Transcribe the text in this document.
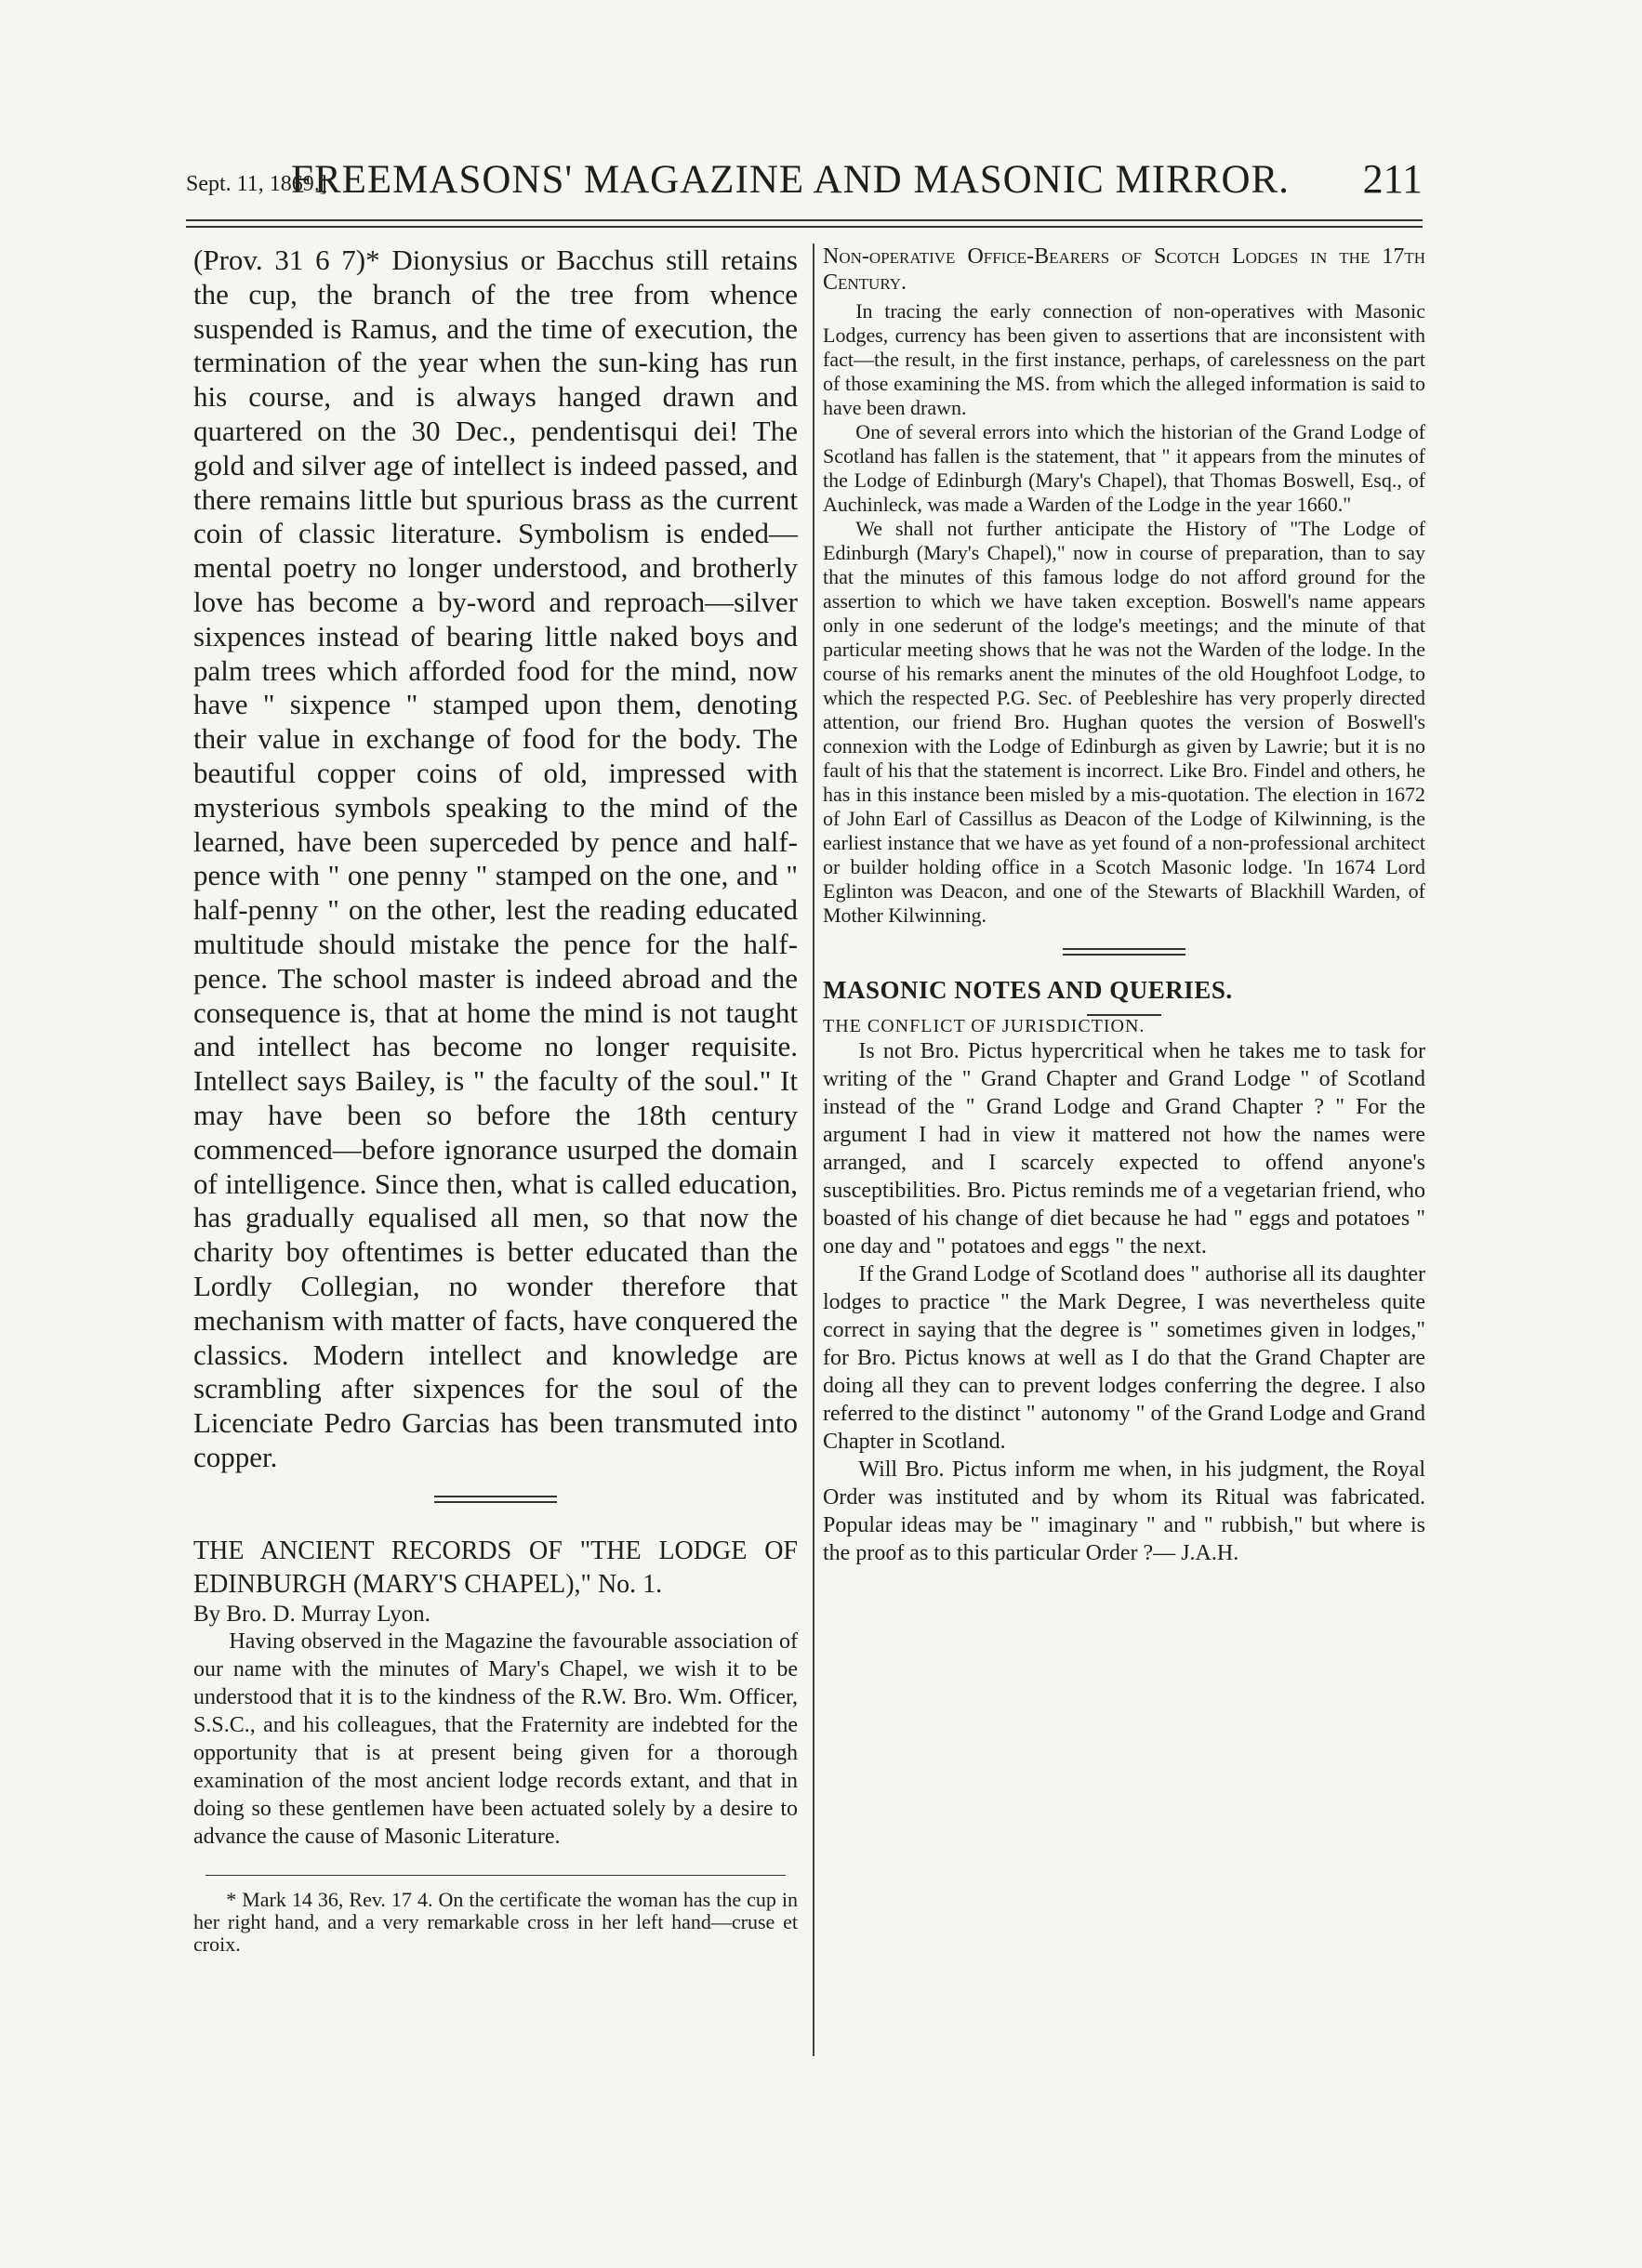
Sept. 11, 1869.]
FREEMASONS' MAGAZINE AND MASONIC MIRROR. 211

(Prov. 31 6 7)* Dionysius or Bacchus still retains the cup, the branch of the tree from whence suspended is Ramus, and the time of execution, the termination of the year when the sun-king has run his course, and is always hanged drawn and quartered on the 30 Dec., pendentisqui dei! The gold and silver age of intellect is indeed passed, and there remains little but spurious brass as the current coin of classic literature. Symbolism is ended—mental poetry no longer understood, and brotherly love has become a by-word and reproach—silver sixpences instead of bearing little naked boys and palm trees which afforded food for the mind, now have " sixpence " stamped upon them, denoting their value in exchange of food for the body. The beautiful copper coins of old, impressed with mysterious symbols speaking to the mind of the learned, have been superceded by pence and half-pence with " one penny " stamped on the one, and " half-penny " on the other, lest the reading educated multitude should mistake the pence for the half-pence. The school master is indeed abroad and the consequence is, that at home the mind is not taught and intellect has become no longer requisite. Intellect says Bailey, is " the faculty of the soul." It may have been so before the 18th century commenced—before ignorance usurped the domain of intelligence. Since then, what is called education, has gradually equalised all men, so that now the charity boy oftentimes is better educated than the Lordly Collegian, no wonder therefore that mechanism with matter of facts, have conquered the classics. Modern intellect and knowledge are scrambling after sixpences for the soul of the Licenciate Pedro Garcias has been transmuted into copper.

THE ANCIENT RECORDS OF "THE LODGE OF EDINBURGH (MARY'S CHAPEL)," No. 1.

By Bro. D. Murray Lyon.

Having observed in the Magazine the favourable association of our name with the minutes of Mary's Chapel, we wish it to be understood that it is to the kindness of the R.W. Bro. Wm. Officer, S.S.C., and his colleagues, that the Fraternity are indebted for the opportunity that is at present being given for a thorough examination of the most ancient lodge records extant, and that in doing so these gentlemen have been actuated solely by a desire to advance the cause of Masonic Literature.

* Mark 14 36, Rev. 17 4. On the certificate the woman has the cup in her right hand, and a very remarkable cross in her left hand—cruse et croix.

Non-operative Office-Bearers of Scotch Lodges in the 17th Century.

In tracing the early connection of non-operatives with Masonic Lodges, currency has been given to assertions that are inconsistent with fact—the result, in the first instance, perhaps, of carelessness on the part of those examining the MS. from which the alleged information is said to have been drawn.

One of several errors into which the historian of the Grand Lodge of Scotland has fallen is the statement, that " it appears from the minutes of the Lodge of Edinburgh (Mary's Chapel), that Thomas Boswell, Esq., of Auchinleck, was made a Warden of the Lodge in the year 1660."

We shall not further anticipate the History of "The Lodge of Edinburgh (Mary's Chapel)," now in course of preparation, than to say that the minutes of this famous lodge do not afford ground for the assertion to which we have taken exception. Boswell's name appears only in one sederunt of the lodge's meetings; and the minute of that particular meeting shows that he was not the Warden of the lodge. In the course of his remarks anent the minutes of the old Houghfoot Lodge, to which the respected P.G. Sec. of Peebleshire has very properly directed attention, our friend Bro. Hughan quotes the version of Boswell's connexion with the Lodge of Edinburgh as given by Lawrie; but it is no fault of his that the statement is incorrect. Like Bro. Findel and others, he has in this instance been misled by a mis-quotation. The election in 1672 of John Earl of Cassillus as Deacon of the Lodge of Kilwinning, is the earliest instance that we have as yet found of a non-professional architect or builder holding office in a Scotch Masonic lodge. 'In 1674 Lord Eglinton was Deacon, and one of the Stewarts of Blackhill Warden, of Mother Kilwinning.

MASONIC NOTES AND QUERIES.

THE CONFLICT OF JURISDICTION.

Is not Bro. Pictus hypercritical when he takes me to task for writing of the " Grand Chapter and Grand Lodge " of Scotland instead of the " Grand Lodge and Grand Chapter ? " For the argument I had in view it mattered not how the names were arranged, and I scarcely expected to offend anyone's susceptibilities. Bro. Pictus reminds me of a vegetarian friend, who boasted of his change of diet because he had " eggs and potatoes " one day and " potatoes and eggs " the next.

If the Grand Lodge of Scotland does " authorise all its daughter lodges to practice " the Mark Degree, I was nevertheless quite correct in saying that the degree is " sometimes given in lodges," for Bro. Pictus knows at well as I do that the Grand Chapter are doing all they can to prevent lodges conferring the degree. I also referred to the distinct " autonomy " of the Grand Lodge and Grand Chapter in Scotland.

Will Bro. Pictus inform me when, in his judgment, the Royal Order was instituted and by whom its Ritual was fabricated. Popular ideas may be " imaginary " and " rubbish," but where is the proof as to this particular Order ?— J.A.H.
